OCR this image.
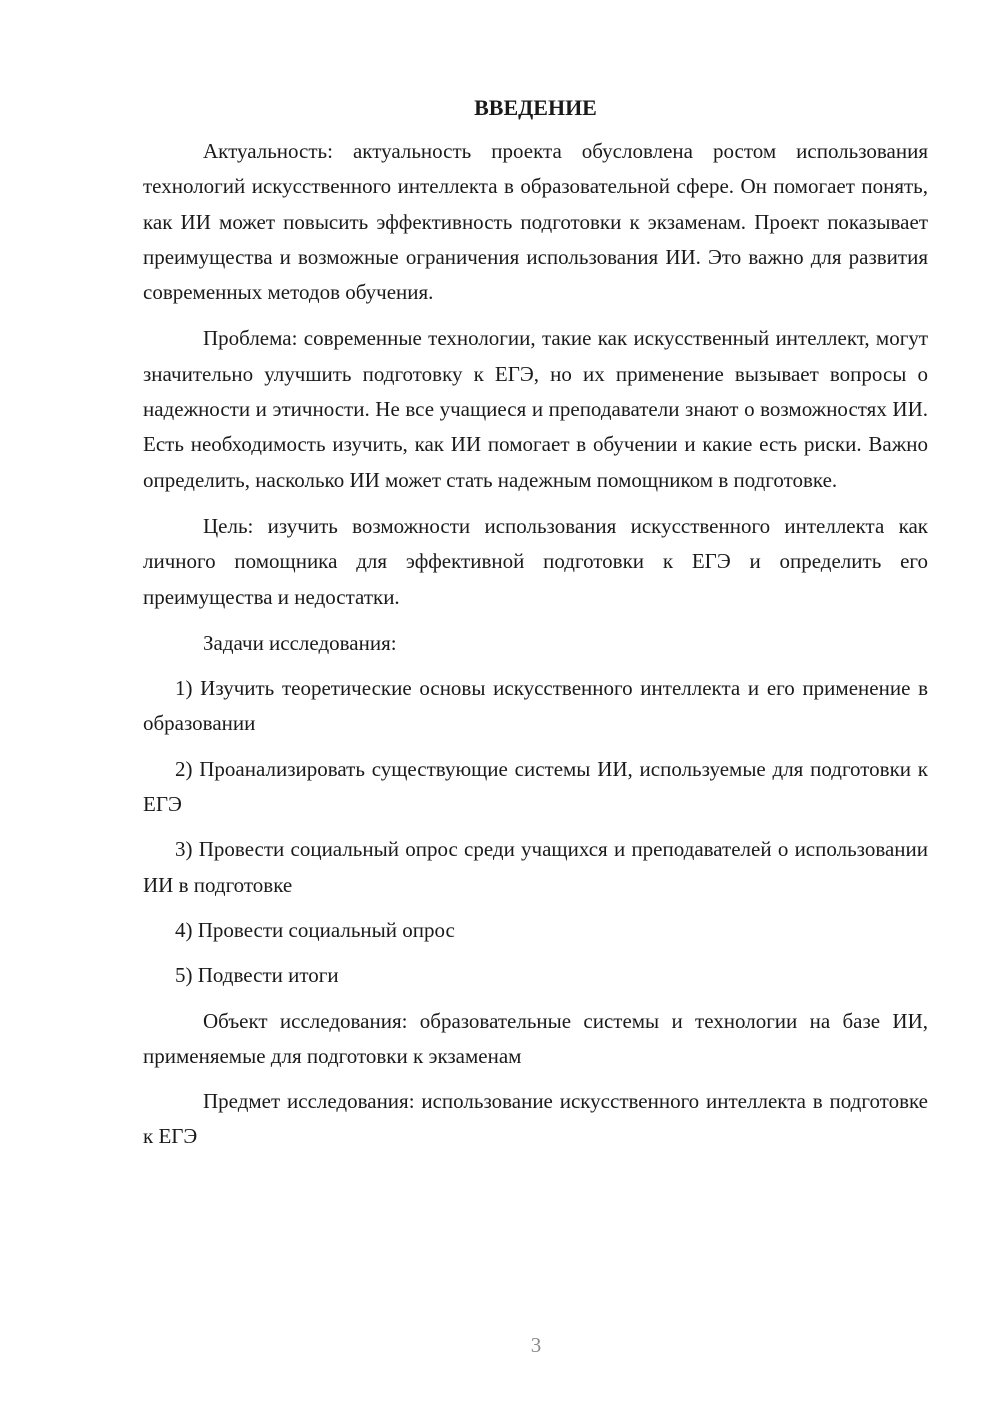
ВВЕДЕНИЕ

Актуальность: актуальность проекта обусловлена ростом использования технологий искусственного интеллекта в образовательной сфере. Он помогает понять, как ИИ может повысить эффективность подготовки к экзаменам. Проект показывает преимущества и возможные ограничения использования ИИ. Это важно для развития современных методов обучения.

Проблема: современные технологии, такие как искусственный интеллект, могут значительно улучшить подготовку к ЕГЭ, но их применение вызывает вопросы о надежности и этичности. Не все учащиеся и преподаватели знают о возможностях ИИ. Есть необходимость изучить, как ИИ помогает в обучении и какие есть риски. Важно определить, насколько ИИ может стать надежным помощником в подготовке.

Цель: изучить возможности использования искусственного интеллекта как личного помощника для эффективной подготовки к ЕГЭ и определить его преимущества и недостатки.

Задачи исследования:

1) Изучить теоретические основы искусственного интеллекта и его применение в образовании

2) Проанализировать существующие системы ИИ, используемые для подготовки к ЕГЭ

3) Провести социальный опрос среди учащихся и преподавателей о использовании ИИ в подготовке

4) Провести социальный опрос

5) Подвести итоги

Объект исследования: образовательные системы и технологии на базе ИИ, применяемые для подготовки к экзаменам

Предмет исследования: использование искусственного интеллекта в подготовке к ЕГЭ

3
